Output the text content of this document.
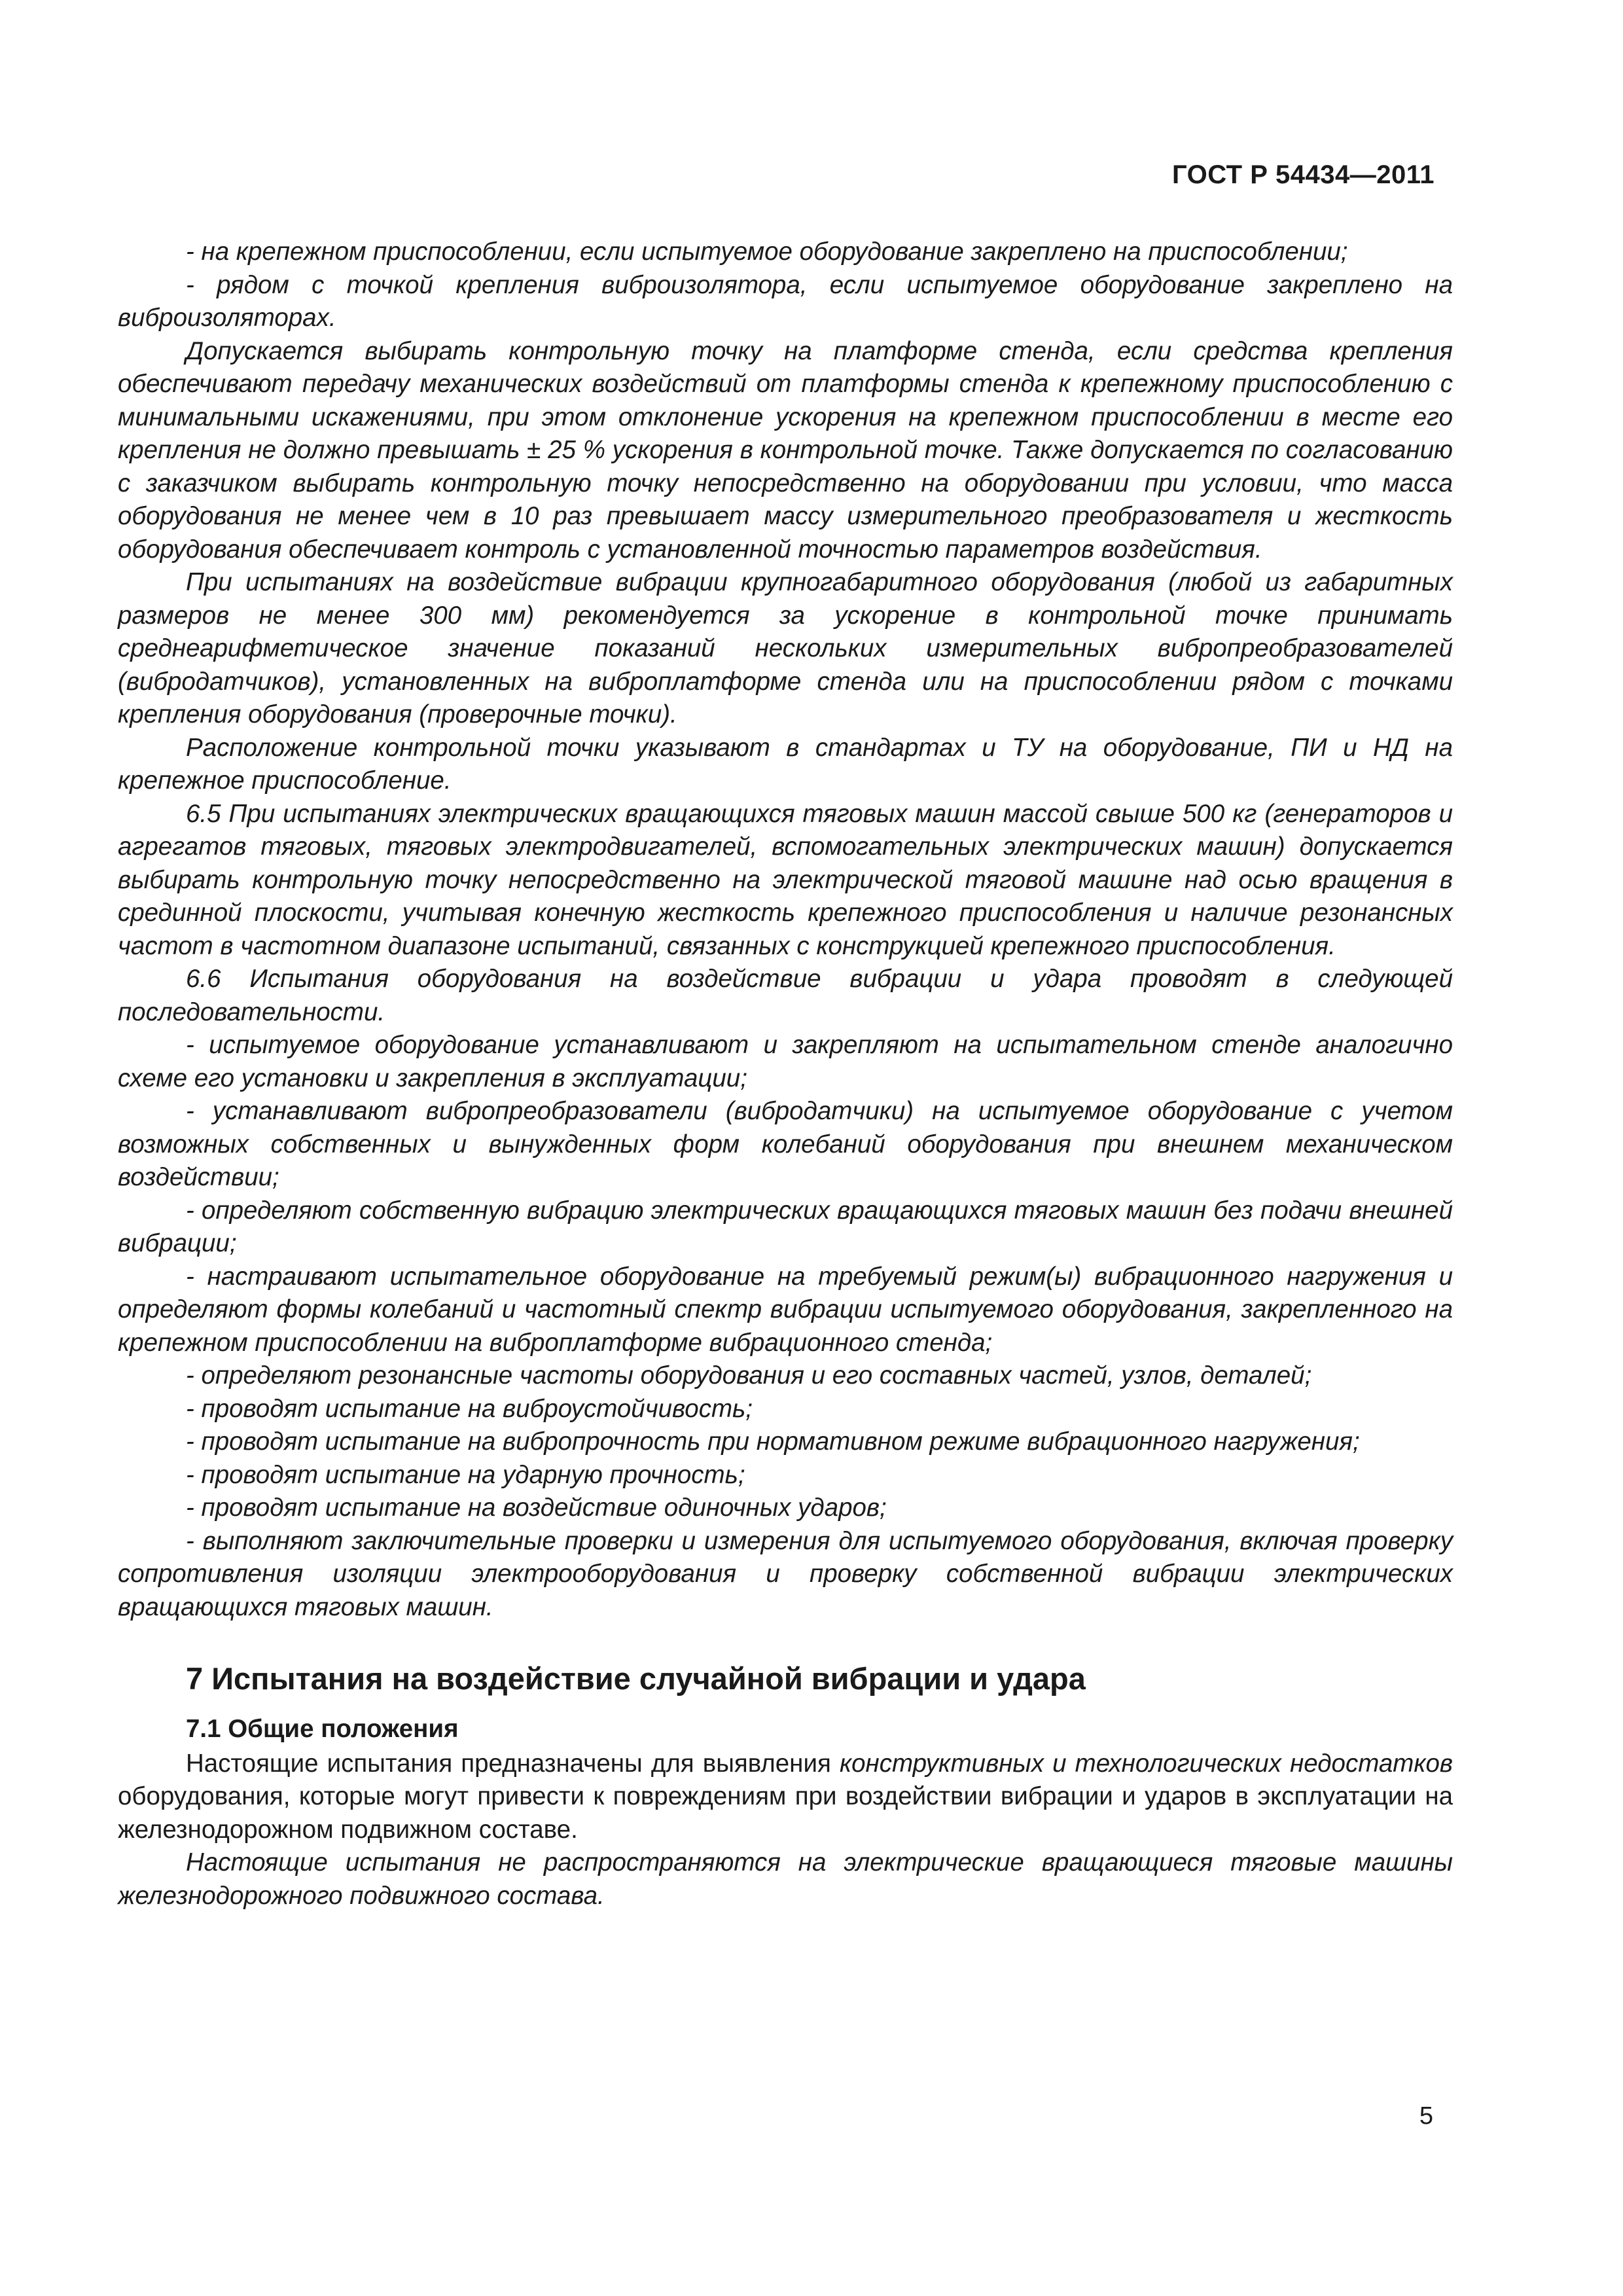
ГОСТ Р 54434—2011

- на крепежном приспособлении, если испытуемое оборудование закреплено на приспособлении;

- рядом с точкой крепления виброизолятора, если испытуемое оборудование закреплено на виброизоляторах.

Допускается выбирать контрольную точку на платформе стенда, если средства крепления обеспечивают передачу механических воздействий от платформы стенда к крепежному приспособлению с минимальными искажениями, при этом отклонение ускорения на крепежном приспособлении в месте его крепления не должно превышать ± 25 % ускорения в контрольной точке. Также допускается по согласованию с заказчиком выбирать контрольную точку непосредственно на оборудовании при условии, что масса оборудования не менее чем в 10 раз превышает массу измерительного преобразователя и жесткость оборудования обеспечивает контроль с установленной точностью параметров воздействия.

При испытаниях на воздействие вибрации крупногабаритного оборудования (любой из габаритных размеров не менее 300 мм) рекомендуется за ускорение в контрольной точке принимать среднеарифметическое значение показаний нескольких измерительных вибропреобразователей (вибродатчиков), установленных на виброплатформе стенда или на приспособлении рядом с точками крепления оборудования (проверочные точки).

Расположение контрольной точки указывают в стандартах и ТУ на оборудование, ПИ и НД на крепежное приспособление.

6.5 При испытаниях электрических вращающихся тяговых машин массой свыше 500 кг (генераторов и агрегатов тяговых, тяговых электродвигателей, вспомогательных электрических машин) допускается выбирать контрольную точку непосредственно на электрической тяговой машине над осью вращения в срединной плоскости, учитывая конечную жесткость крепежного приспособления и наличие резонансных частот в частотном диапазоне испытаний, связанных с конструкцией крепежного приспособления.

6.6 Испытания оборудования на воздействие вибрации и удара проводят в следующей последовательности.

- испытуемое оборудование устанавливают и закрепляют на испытательном стенде аналогично схеме его установки и закрепления в эксплуатации;

- устанавливают вибропреобразователи (вибродатчики) на испытуемое оборудование с учетом возможных собственных и вынужденных форм колебаний оборудования при внешнем механическом воздействии;

- определяют собственную вибрацию электрических вращающихся тяговых машин без подачи внешней вибрации;

- настраивают испытательное оборудование на требуемый режим(ы) вибрационного нагружения и определяют формы колебаний и частотный спектр вибрации испытуемого оборудования, закрепленного на крепежном приспособлении на виброплатформе вибрационного стенда;

- определяют резонансные частоты оборудования и его составных частей, узлов, деталей;

- проводят испытание на виброустойчивость;

- проводят испытание на вибропрочность при нормативном режиме вибрационного нагружения;

- проводят испытание на ударную прочность;

- проводят испытание на воздействие одиночных ударов;

- выполняют заключительные проверки и измерения для испытуемого оборудования, включая проверку сопротивления изоляции электрооборудования и проверку собственной вибрации электрических вращающихся тяговых машин.

7 Испытания на воздействие случайной вибрации и удара

7.1 Общие положения

Настоящие испытания предназначены для выявления конструктивных и технологических недостатков оборудования, которые могут привести к повреждениям при воздействии вибрации и ударов в эксплуатации на железнодорожном подвижном составе.

Настоящие испытания не распространяются на электрические вращающиеся тяговые машины железнодорожного подвижного состава.

5
